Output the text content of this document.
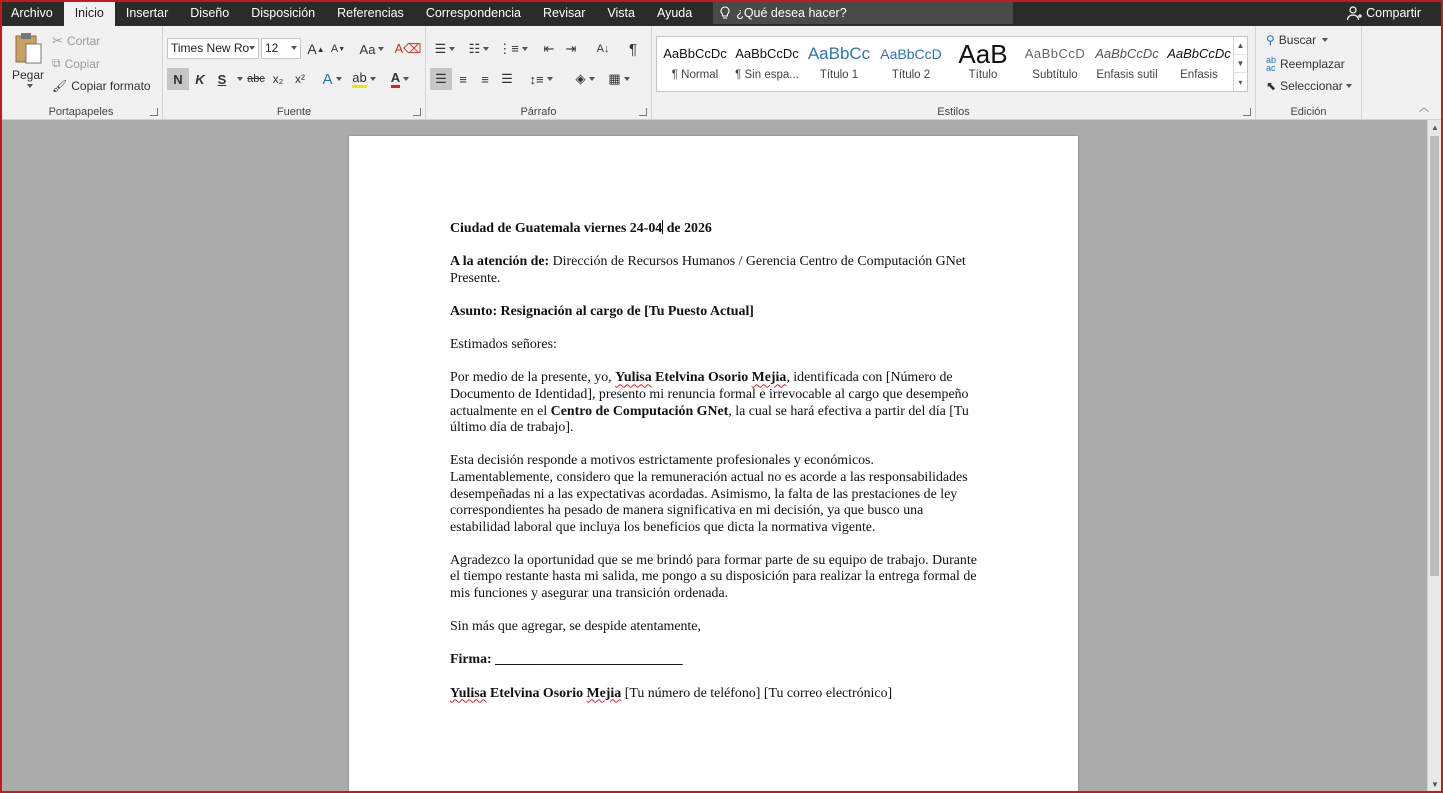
Archivo	Inicio	Insertar	Diseño	Disposición	Referencias	Correspondencia	Revisar	Vista	Ayuda	¿Qué desea hacer?	Compartir
Pegar
✂ Cortar
⧉ Copiar
🖌 Copiar formato
Portapapeles
Times New Ro	12	A ▲ A ▼ Aa A⌫
N K S	abc x₂ x²	A ab A
Fuente
☰ ☷ ⋮≡ ⇤ ⇥ A↓ ¶
☰ ≡ ≡ ☰ ↕≡ ◈ ▦
Párrafo	Estilos
AaBbCcDc
¶ Normal
AaBbCcDc
¶ Sin espa...
AaBbCc
Título 1
AaBbCcD
Título 2
AaB
Título
AaBbCcD
Subtítulo
AaBbCcDc
Énfasis sutil
AaBbCcDc
Énfasis
▲
▼
▾
⚲ Buscar
ab
ac Reemplazar
⬉ Seleccionar
Edición	︿

Ciudad de Guatemala viernes 24-04 de 2026

A la atención de: Dirección de Recursos Humanos / Gerencia Centro de Computación GNet Presente.

Asunto: Resignación al cargo de [Tu Puesto Actual]

Estimados señores:

Por medio de la presente, yo, Yulisa Etelvina Osorio Mejia, identificada con [Número de Documento de Identidad], presento mi renuncia formal e irrevocable al cargo que desempeño actualmente en el Centro de Computación GNet, la cual se hará efectiva a partir del día [Tu último día de trabajo].

Esta decisión responde a motivos estrictamente profesionales y económicos. Lamentablemente, considero que la remuneración actual no es acorde a las responsabilidades desempeñadas ni a las expectativas acordadas. Asimismo, la falta de las prestaciones de ley correspondientes ha pesado de manera significativa en mi decisión, ya que busco una estabilidad laboral que incluya los beneficios que dicta la normativa vigente.

Agradezco la oportunidad que se me brindó para formar parte de su equipo de trabajo. Durante el tiempo restante hasta mi salida, me pongo a su disposición para realizar la entrega formal de mis funciones y asegurar una transición ordenada.

Sin más que agregar, se despide atentamente,

Firma: ___________________________

Yulisa Etelvina Osorio Mejia [Tu número de teléfono] [Tu correo electrónico]

▲
▼
